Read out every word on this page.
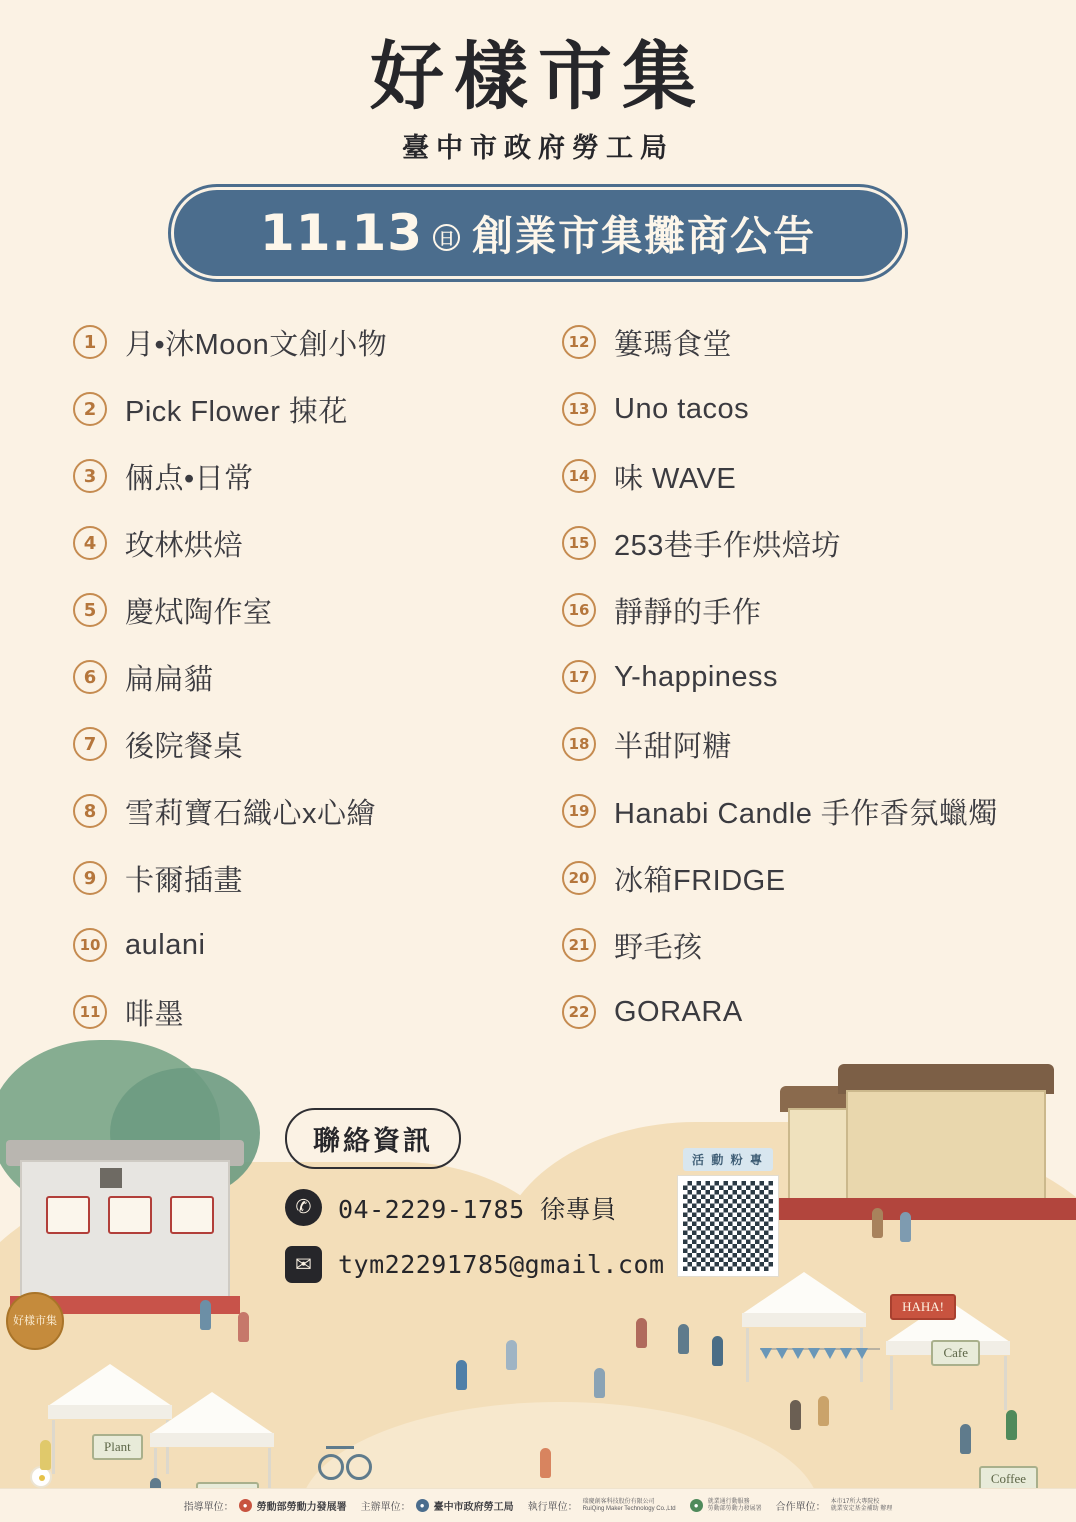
Plant
Cafe
Coffee
HAHA!
好樣市集
好樣市集
臺中市政府勞工局
11.13 日 創業市集攤商公告
1 月•沐Moon文創小物
2 Pick Flower 捒花
3 倆点•日常
4 玫林烘焙
5 慶烒陶作室
6 扁扁貓
7 後院餐桌
8 雪莉寶石織心x心繪
9 卡爾插畫
10 aulani
11 啡墨
12 簍瑪食堂
13 Uno tacos
14 味 WAVE
15 253巷手作烘焙坊
16 靜靜的手作
17 Y-happiness
18 半甜阿糖
19 Hanabi Candle 手作香氛蠟燭
20 冰箱FRIDGE
21 野毛孩
22 GORARA
聯絡資訊
✆	04-2229-1785 徐專員
✉	tym22291785@gmail.com
活 動 粉 專
指導單位：	● 勞動部勞動力發展署 主辦單位：	● 臺中市政府勞工局 執行單位：
瑞慶創客科技股份有限公司
RuiQing Maker Technology Co.,Ltd	●	就業通行動服務
勞動部勞動力發展署 合作單位：
本市17所大專院校
就業安定基金補助 辦理
